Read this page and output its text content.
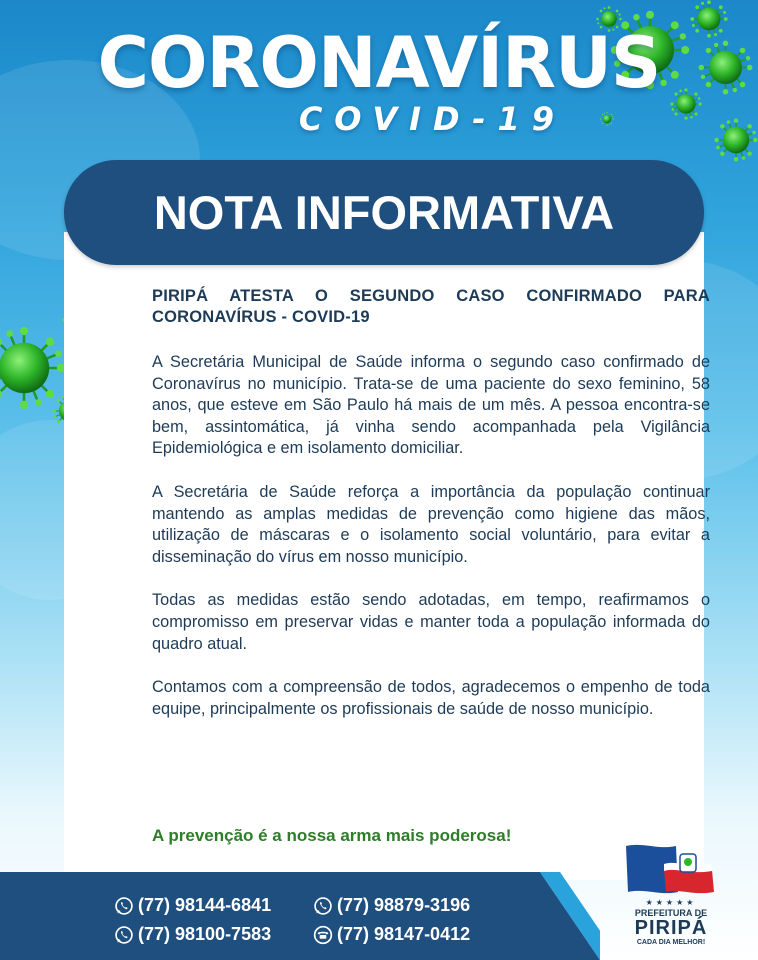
CORONAVÍRUS
COVID-19
NOTA INFORMATIVA

PIRIPÁ ATESTA O SEGUNDO CASO CONFIRMADO PARA CORONAVÍRUS - COVID-19

A Secretária Municipal de Saúde informa o segundo caso confirmado de Coronavírus no município. Trata-se de uma paciente do sexo feminino, 58 anos, que esteve em São Paulo há mais de um mês. A pessoa encontra-se bem, assintomática, já vinha sendo acompanhada pela Vigilância Epidemiológica e em isolamento domiciliar.

A Secretária de Saúde reforça a importância da população continuar mantendo as amplas medidas de prevenção como higiene das mãos, utilização de máscaras e o isolamento social voluntário, para evitar a disseminação do vírus em nosso município.

Todas as medidas estão sendo adotadas, em tempo, reafirmamos o compromisso em preservar vidas e manter toda a população informada do quadro atual.

Contamos com a compreensão de todos, agradecemos o empenho de toda equipe, principalmente os profissionais de saúde de nosso município.

A prevenção é a nossa arma mais poderosa!
(77) 98144-6841	(77) 98879-3196
(77) 98100-7583	(77) 98147-0412
★★★★★
PREFEITURA DE
PIRIPÁ
CADA DIA MELHOR!
